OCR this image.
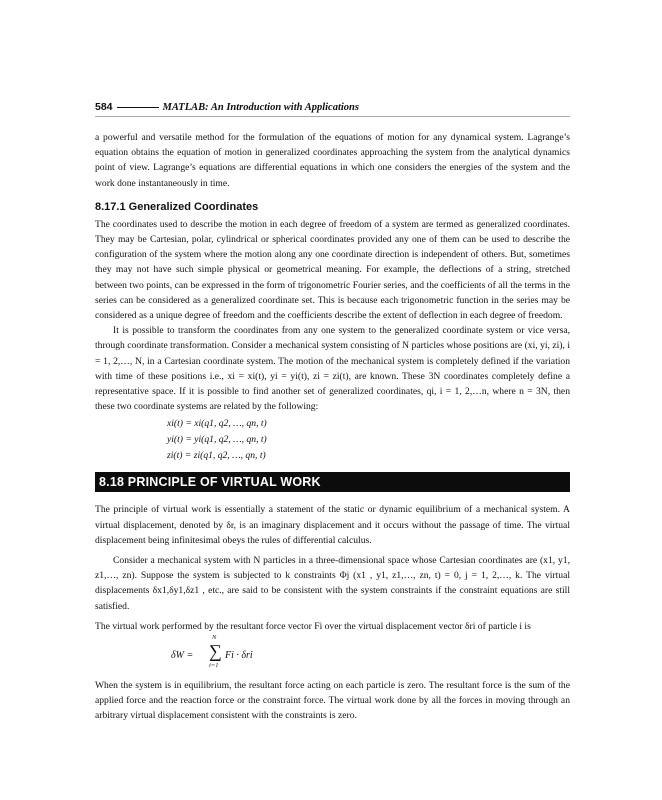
584	MATLAB: An Introduction with Applications

a powerful and versatile method for the formulation of the equations of motion for any dynamical system. Lagrange’s equation obtains the equation of motion in generalized coordinates approaching the system from the analytical dynamics point of view. Lagrange’s equations are differential equations in which one considers the energies of the system and the work done instantaneously in time.

8.17.1 Generalized Coordinates

The coordinates used to describe the motion in each degree of freedom of a system are termed as generalized coordinates. They may be Cartesian, polar, cylindrical or spherical coordinates provided any one of them can be used to describe the configuration of the system where the motion along any one coordinate direction is independent of others. But, sometimes they may not have such simple physical or geometrical meaning. For example, the deflections of a string, stretched between two points, can be expressed in the form of trigonometric Fourier series, and the coefficients of all the terms in the series can be considered as a generalized coordinate set. This is because each trigonometric function in the series may be considered as a unique degree of freedom and the coefficients describe the extent of deflection in each degree of freedom.

It is possible to transform the coordinates from any one system to the generalized coordinate system or vice versa, through coordinate transformation. Consider a mechanical system consisting of N particles whose positions are (xi, yi, zi), i = 1, 2,…, N, in a Cartesian coordinate system. The motion of the mechanical system is completely defined if the variation with time of these positions i.e., xi = xi(t), yi = yi(t), zi = zi(t), are known. These 3N coordinates completely define a representative space. If it is possible to find another set of generalized coordinates, qi, i = 1, 2,…n, where n = 3N, then these two coordinate systems are related by the following:

xi(t) = xi(q1, q2, …, qn, t)
yi(t) = yi(q1, q2, …, qn, t)
zi(t) = zi(q1, q2, …, qn, t)
8.18 PRINCIPLE OF VIRTUAL WORK

The principle of virtual work is essentially a statement of the static or dynamic equilibrium of a mechanical system. A virtual displacement, denoted by δr, is an imaginary displacement and it occurs without the passage of time. The virtual displacement being infinitesimal obeys the rules of differential calculus.

Consider a mechanical system with N particles in a three-dimensional space whose Cartesian coordinates are (x1, y1, z1,…, zn). Suppose the system is subjected to k constraints Φj (x1 , y1, z1,…, zn, t) = 0, j = 1, 2,…, k. The virtual displacements δx1,δy1,δz1 , etc., are said to be consistent with the system constraints if the constraint equations are still satisfied.

The virtual work performed by the resultant force vector Fi over the virtual displacement vector δri of particle i is

δW =
N
∑
i=1
Fi · δri

When the system is in equilibrium, the resultant force acting on each particle is zero. The resultant force is the sum of the applied force and the reaction force or the constraint force. The virtual work done by all the forces in moving through an arbitrary virtual displacement consistent with the constraints is zero.
